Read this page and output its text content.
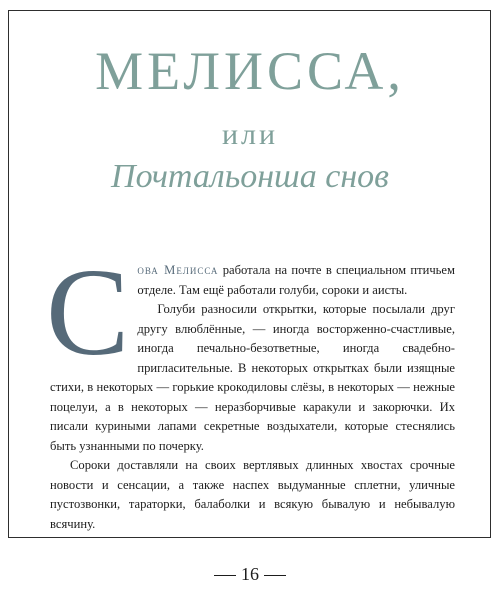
МЕЛИССА,
или
Почтальонша снов

Сова Мелисса работала на почте в специальном птичьем отделе. Там ещё работали голуби, сороки и аисты.

Голуби разносили открытки, которые посылали друг другу влюблённые, — иногда восторженно-счастливые, иногда печально-безответные, иногда свадебно-пригласительные. В некоторых открытках были изящные стихи, в некоторых — горькие крокодиловы слёзы, в некоторых — нежные поцелуи, а в некоторых — неразборчивые каракули и закорючки. Их писали куриными лапами секретные воздыхатели, которые стеснялись быть узнанными по почерку.

Сороки доставляли на своих вертлявых длинных хвостах срочные новости и сенсации, а также наспех выдуманные сплетни, уличные пустозвонки, тараторки, балаболки и всякую бывалую и небывалую всячину.

16
